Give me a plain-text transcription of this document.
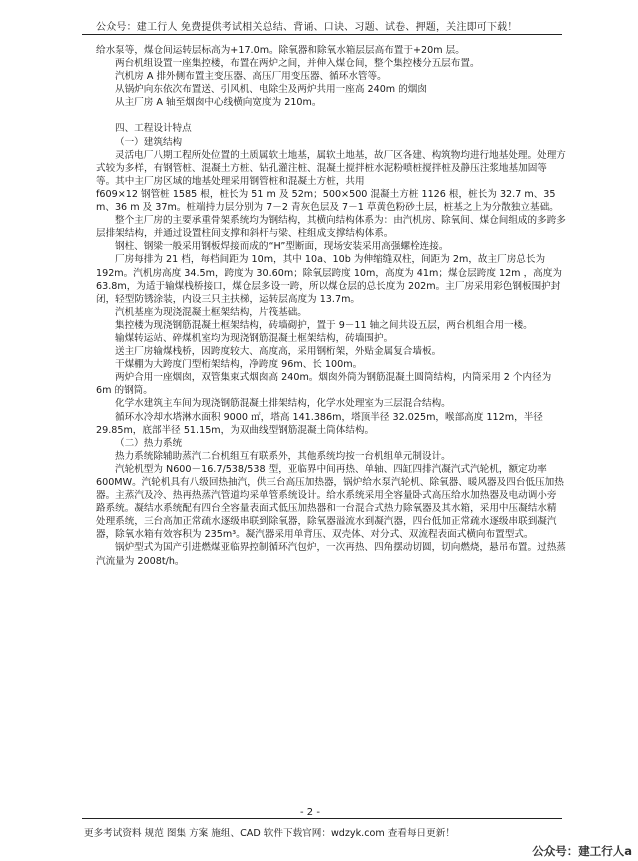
公众号：建工行人 免费提供考试相关总结、背诵、口诀、习题、试卷、押题，关注即可下载！

给水泵等，煤仓间运转层标高为+17.0m。除氧器和除氧水箱层层高布置于+20m 层。

两台机组设置一座集控楼，布置在两炉之间，并伸入煤仓间，整个集控楼分五层布置。

汽机房 A 排外侧布置主变压器、高压厂用变压器、循环水管等。

从锅炉向东依次布置送、引风机、电除尘及两炉共用一座高 240m 的烟囱

从主厂房 A 轴至烟囱中心线横向宽度为 210m。

四、工程设计特点

（一）建筑结构

灵活电厂八期工程所处位置的土质属软土地基，属软土地基，故厂区各建、构筑物均进行地基处理。处理方式较为多样，有钢管桩、混凝土方桩、钻孔灌注桩、混凝土搅拌桩水泥粉喷桩搅拌桩及静压注浆地基加固等等。其中主厂房区域的地基处理采用钢管桩和混凝土方桩，共用

f609×12 钢管桩 1585 根，桩长为 51 m 及 52m；500×500 混凝土方桩 1126 根，桩长为 32.7 m、35 m、36 m 及 37m。桩端持力层分别为 7－2 青灰色层及 7－1 草黄色粉砂土层，桩基之上为分散独立基础。

整个主厂房的主要承重骨架系统均为钢结构，其横向结构体系为：由汽机房、除氧间、煤仓间组成的多跨多层排架结构，并通过设置柱间支撑和斜杆与梁、柱组成支撑结构体系。

钢柱、钢梁一般采用钢板焊接而成的“H”型断面，现场安装采用高强螺栓连接。

厂房每排为 21 档，每档间距为 10m，其中 10a、10b 为伸缩缝双柱，间距为 2m，故主厂房总长为 192m。汽机房高度 34.5m，跨度为 30.60m；除氧层跨度 10m，高度为 41m；煤仓层跨度 12m ，高度为 63.8m，为适于输煤栈桥接口，煤仓层多设一跨，所以煤仓层的总长度为 202m。主厂房采用彩色钢板围护封闭，轻型防锈涂装，内设三只主扶梯，运转层高度为 13.7m。

汽机基座为现浇混凝土框架结构，片筏基础。

集控楼为现浇钢筋混凝土框架结构，砖墙砌护，置于 9－11 轴之间共设五层，两台机组合用一楼。

输煤转运站、碎煤机室均为现浇钢筋混凝土框架结构，砖墙围护。

送主厂房输煤栈桥，因跨度较大、高度高，采用钢桁架，外贴金属复合墙板。

干煤棚为大跨度门型桁架结构，净跨度 96m、长 100m。

两炉合用一座烟囱，双管集束式烟囱高 240m。烟囱外筒为钢筋混凝土圆筒结构，内筒采用 2 个内径为 6m 的钢筒。

化学水建筑主车间为现浇钢筋混凝土排架结构，化学水处理室为三层混合结构。

循环水冷却水塔淋水面积 9000 ㎡，塔高 141.386m，塔顶半径 32.025m，喉部高度 112m，半径 29.85m，底部半径 51.15m，为双曲线型钢筋混凝土筒体结构。

（二）热力系统

热力系统除辅助蒸汽二台机组互有联系外，其他系统均按一台机组单元制设计。

汽轮机型为 N600－16.7/538/538 型，亚临界中间再热、单轴、四缸四排汽凝汽式汽轮机，额定功率 600MW。汽轮机具有八级回热抽汽，供三台高压加热器，锅炉给水泵汽轮机、除氧器、暖风器及四台低压加热器。主蒸汽及冷、热再热蒸汽管道均采单管系统设计。给水系统采用全容量卧式高压给水加热器及电动调小旁路系统。凝结水系统配有四台全容量表面式低压加热器和一台混合式热力除氧器及其水箱，采用中压凝结水精处理系统，三台高加正常疏水逐级串联到除氧器，除氧器溢流水到凝汽器，四台低加正常疏水逐级串联到凝汽器，除氧水箱有效容积为 235m³。凝汽器采用单背压、双壳体、对分式、双流程表面式横向布置型式。

锅炉型式为国产引进燃煤亚临界控制循环汽包炉，一次再热、四角摆动切圆，切向燃烧，悬吊布置。过热蒸汽流量为 2008t/h。

- 2 -
更多考试资料 规范 图集 方案 施组、CAD 软件下载官网：wdzyk.com 查看每日更新！
公众号：建工行人a
